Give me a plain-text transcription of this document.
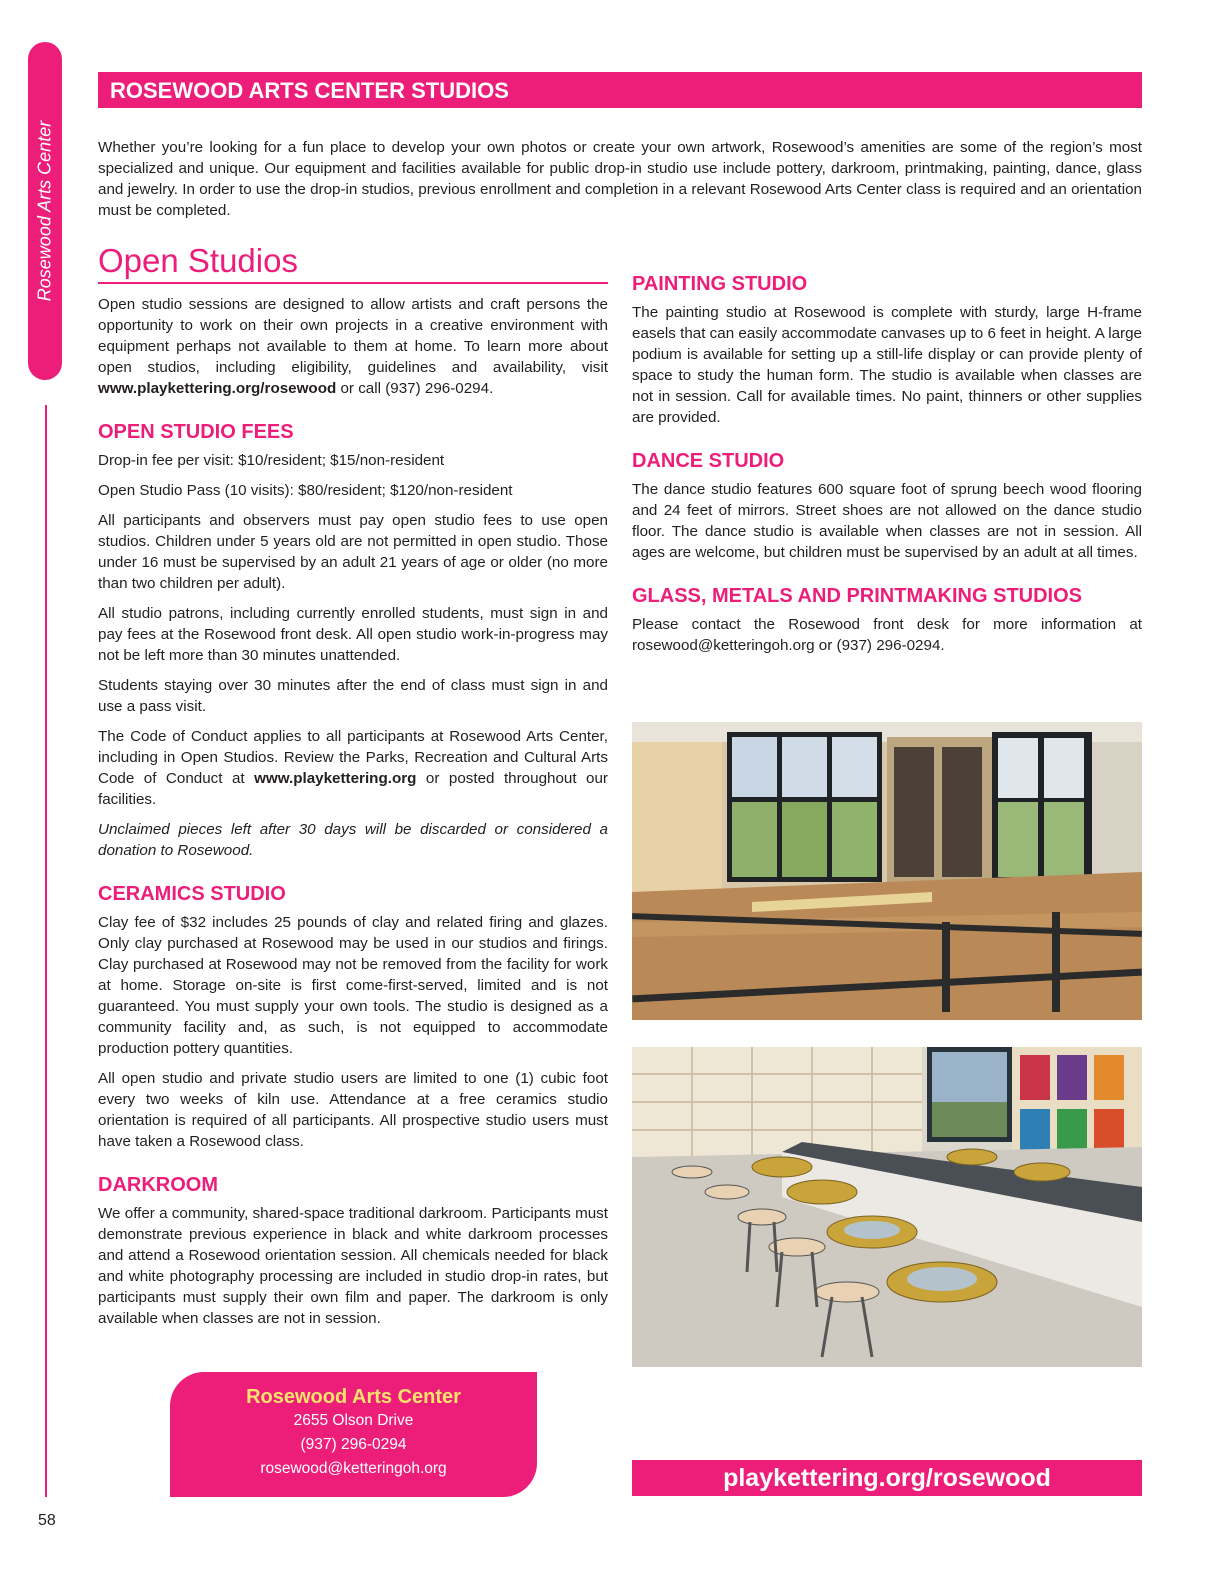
Rosewood Arts Center
58
ROSEWOOD ARTS CENTER STUDIOS

Whether you’re looking for a fun place to develop your own photos or create your own artwork, Rosewood’s amenities are some of the region’s most specialized and unique. Our equipment and facilities available for public drop-in studio use include pottery, darkroom, printmaking, painting, dance, glass and jewelry. In order to use the drop-in studios, previous enrollment and completion in a relevant Rosewood Arts Center class is required and an orientation must be completed.

Open Studios

Open studio sessions are designed to allow artists and craft persons the opportunity to work on their own projects in a creative environment with equipment perhaps not available to them at home. To learn more about open studios, including eligibility, guidelines and availability, visit www.playkettering.org/rosewood or call (937) 296-0294.

OPEN STUDIO FEES

Drop-in fee per visit: $10/resident; $15/non-resident

Open Studio Pass (10 visits): $80/resident; $120/non-resident

All participants and observers must pay open studio fees to use open studios. Children under 5 years old are not permitted in open studio. Those under 16 must be supervised by an adult 21 years of age or older (no more than two children per adult).

All studio patrons, including currently enrolled students, must sign in and pay fees at the Rosewood front desk. All open studio work-in-progress may not be left more than 30 minutes unattended.

Students staying over 30 minutes after the end of class must sign in and use a pass visit.

The Code of Conduct applies to all participants at Rosewood Arts Center, including in Open Studios. Review the Parks, Recreation and Cultural Arts Code of Conduct at www.playkettering.org or posted throughout our facilities.

Unclaimed pieces left after 30 days will be discarded or considered a donation to Rosewood.

CERAMICS STUDIO

Clay fee of $32 includes 25 pounds of clay and related firing and glazes. Only clay purchased at Rosewood may be used in our studios and firings. Clay purchased at Rosewood may not be removed from the facility for work at home. Storage on-site is first come-first-served, limited and is not guaranteed. You must supply your own tools. The studio is designed as a community facility and, as such, is not equipped to accommodate production pottery quantities.

All open studio and private studio users are limited to one (1) cubic foot every two weeks of kiln use. Attendance at a free ceramics studio orientation is required of all participants. All prospective studio users must have taken a Rosewood class.

DARKROOM

We offer a community, shared-space traditional darkroom. Participants must demonstrate previous experience in black and white darkroom processes and attend a Rosewood orientation session. All chemicals needed for black and white photography processing are included in studio drop-in rates, but participants must supply their own film and paper. The darkroom is only available when classes are not in session.

PAINTING STUDIO

The painting studio at Rosewood is complete with sturdy, large H-frame easels that can easily accommodate canvases up to 6 feet in height. A large podium is available for setting up a still-life display or can provide plenty of space to study the human form. The studio is available when classes are not in session. Call for available times. No paint, thinners or other supplies are provided.

DANCE STUDIO

The dance studio features 600 square foot of sprung beech wood flooring and 24 feet of mirrors. Street shoes are not allowed on the dance studio floor. The dance studio is available when classes are not in session. All ages are welcome, but children must be supervised by an adult at all times.

GLASS, METALS AND PRINTMAKING STUDIOS

Please contact the Rosewood front desk for more information at rosewood@ketteringoh.org or (937) 296-0294.

Rosewood Arts Center
2655 Olson Drive
(937) 296-0294
rosewood@ketteringoh.org	playkettering.org/rosewood
